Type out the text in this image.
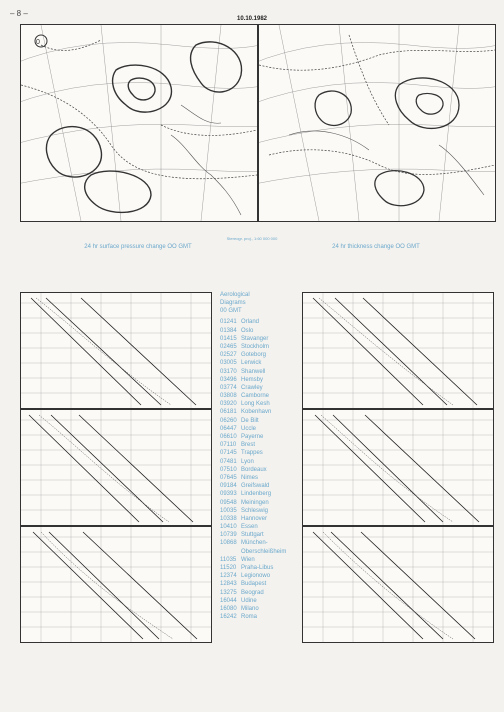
– 8 –
10.10.1982
0
Stereogr. proj., 1:60 000 000
24 hr surface pressure change OO GMT	24 hr thickness change OO GMT
Aerological
Diagrams
00 GMT
01241 Orland
01384 Oslo
01415 Stavanger
02465 Stockholm
02527 Goteborg
03005 Lerwick
03170 Shanwell
03496 Hemsby
03774 Crawley
03808 Camborne
03920 Long Kesh
06181 Kobenhavn
06260 De Bilt
06447 Uccle
06610 Payerne
07110 Brest
07145 Trappes
07481 Lyon
07510 Bordeaux
07645 Nimes
09184 Greifswald
09393 Lindenberg
09548 Meiningen
10035 Schleswig
10338 Hannover
10410 Essen
10739 Stuttgart
10868 München-
Oberschleißheim
11035 Wien
11520 Praha-Libus
12374 Legionowo
12843 Budapest
13275 Beograd
16044 Udine
16080 Milano
16242 Roma
